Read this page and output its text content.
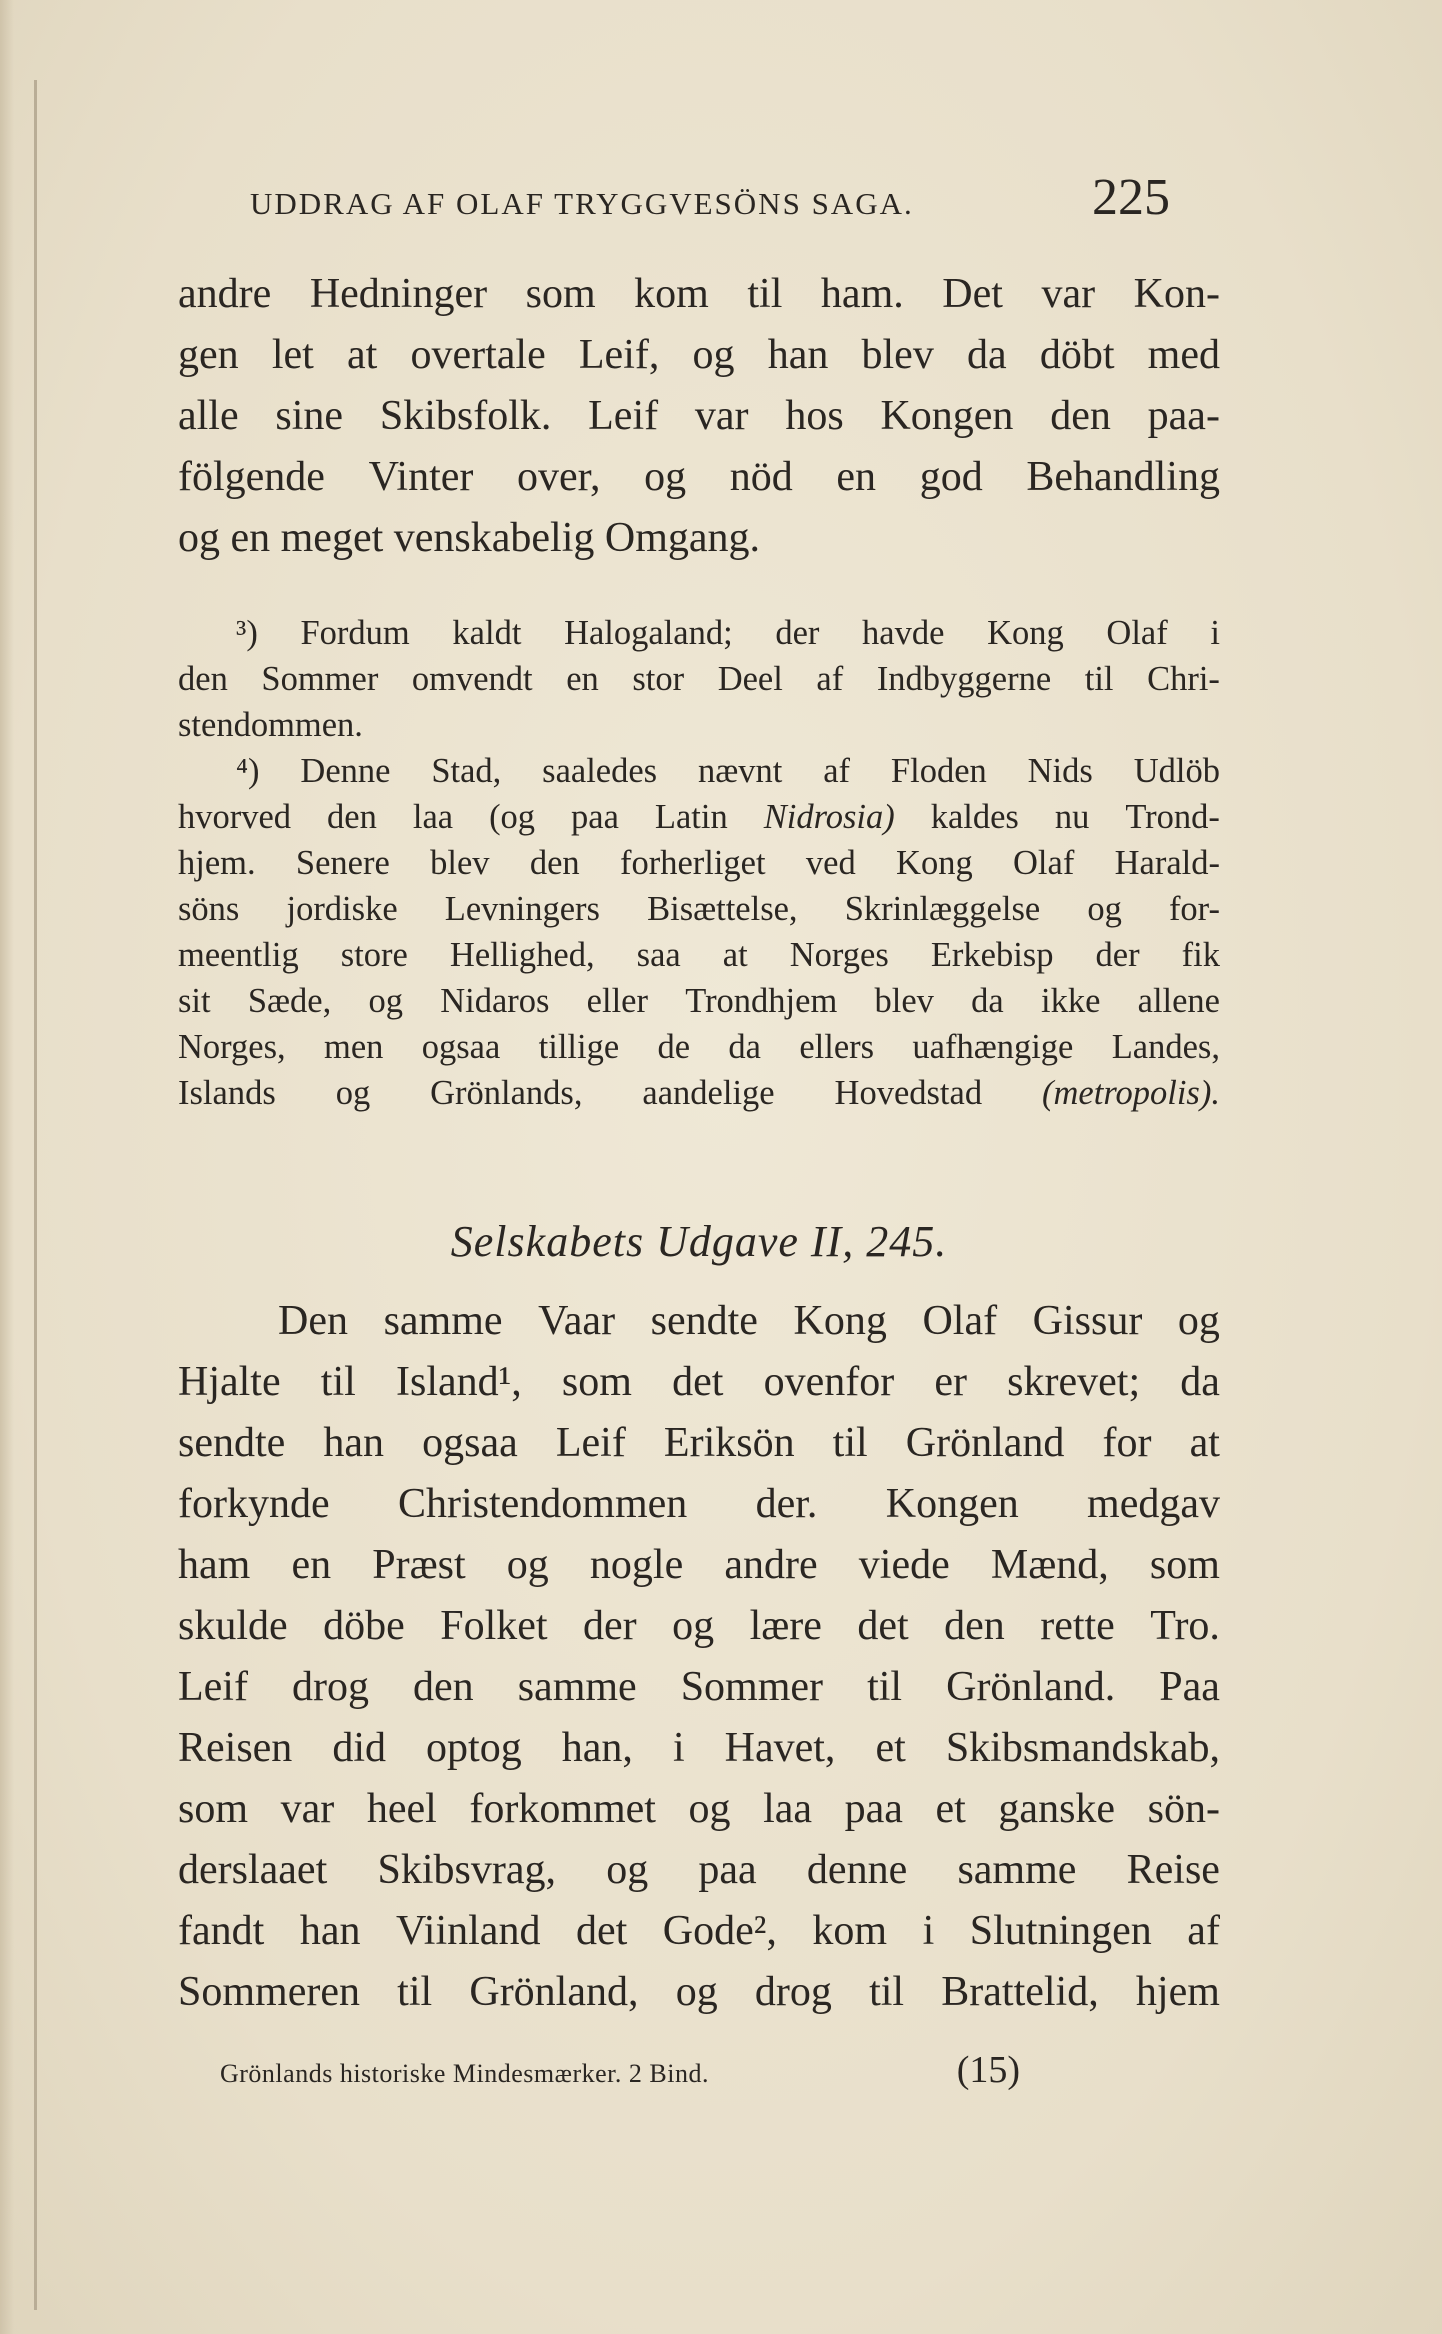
UDDRAG AF OLAF TRYGGVESÖNS SAGA.	225
andre Hedninger som kom til ham. Det var Kon-
gen let at overtale Leif, og han blev da döbt med
alle sine Skibsfolk. Leif var hos Kongen den paa-
fölgende Vinter over, og nöd en god Behandling
og en meget venskabelig Omgang.
³) Fordum kaldt Halogaland; der havde Kong Olaf i
den Sommer omvendt en stor Deel af Indbyggerne til Chri-
stendommen.
⁴) Denne Stad, saaledes nævnt af Floden Nids Udlöb
hvorved den laa (og paa Latin Nidrosia) kaldes nu Trond-
hjem. Senere blev den forherliget ved Kong Olaf Harald-
söns jordiske Levningers Bisættelse, Skrinlæggelse og for-
meentlig store Hellighed, saa at Norges Erkebisp der fik
sit Sæde, og Nidaros eller Trondhjem blev da ikke allene
Norges, men ogsaa tillige de da ellers uafhængige Landes,
Islands og Grönlands, aandelige Hovedstad (metropolis).
Selskabets Udgave II, 245.
Den samme Vaar sendte Kong Olaf Gissur og
Hjalte til Island¹, som det ovenfor er skrevet; da
sendte han ogsaa Leif Eriksön til Grönland for at
forkynde Christendommen der. Kongen medgav
ham en Præst og nogle andre viede Mænd, som
skulde döbe Folket der og lære det den rette Tro.
Leif drog den samme Sommer til Grönland. Paa
Reisen did optog han, i Havet, et Skibsmandskab,
som var heel forkommet og laa paa et ganske sön-
derslaaet Skibsvrag, og paa denne samme Reise
fandt han Viinland det Gode², kom i Slutningen af
Sommeren til Grönland, og drog til Brattelid, hjem
Grönlands historiske Mindesmærker. 2 Bind.	(15)
